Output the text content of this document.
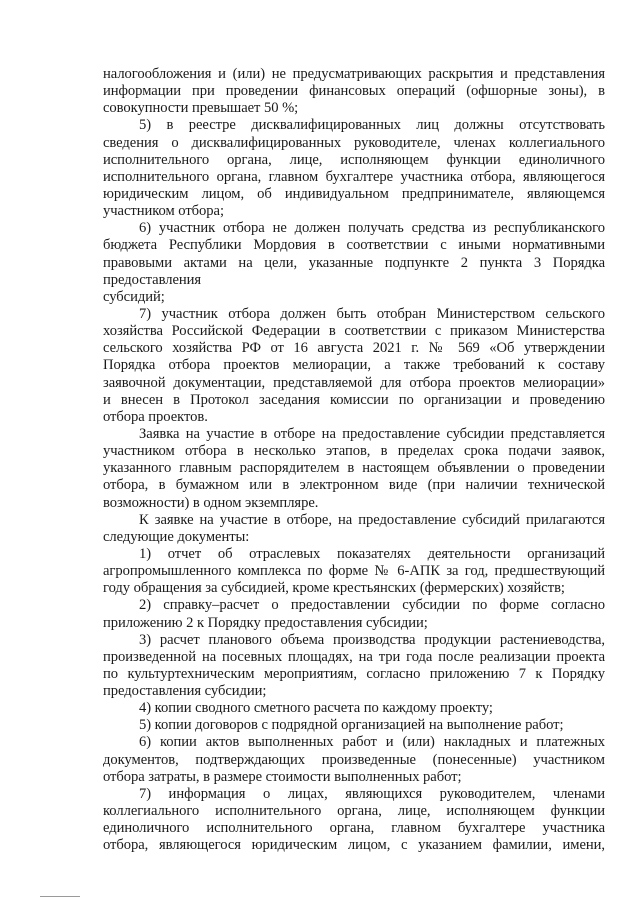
налогообложения и (или) не предусматривающих раскрытия и представления
информации при проведении финансовых операций (офшорные зоны), в
совокупности превышает 50 %;
5) в реестре дисквалифицированных лиц должны отсутствовать
сведения о дисквалифицированных руководителе, членах коллегиального
исполнительного органа, лице, исполняющем функции единоличного
исполнительного органа, главном бухгалтере участника отбора, являющегося
юридическим лицом, об индивидуальном предпринимателе, являющемся
участником отбора;
6) участник отбора не должен получать средства из республиканского
бюджета Республики Мордовия в соответствии с иными нормативными
правовыми актами на цели, указанные подпункте 2 пункта 3 Порядка
предоставления
субсидий;
7) участник отбора должен быть отобран Министерством сельского
хозяйства Российской Федерации в соответствии с приказом Министерства
сельского хозяйства РФ от 16 августа 2021 г. № 569 «Об утверждении
Порядка отбора проектов мелиорации, а также требований к составу
заявочной документации, представляемой для отбора проектов мелиорации»
и внесен в Протокол заседания комиссии по организации и проведению
отбора проектов.
Заявка на участие в отборе на предоставление субсидии представляется
участником отбора в несколько этапов, в пределах срока подачи заявок,
указанного главным распорядителем в настоящем объявлении о проведении
отбора, в бумажном или в электронном виде (при наличии технической
возможности) в одном экземпляре.
К заявке на участие в отборе, на предоставление субсидий прилагаются
следующие документы:
1) отчет об отраслевых показателях деятельности организаций
агропромышленного комплекса по форме № 6-АПК за год, предшествующий
году обращения за субсидией, кроме крестьянских (фермерских) хозяйств;
2) справку–расчет о предоставлении субсидии по форме согласно
приложению 2 к Порядку предоставления субсидии;
3) расчет планового объема производства продукции растениеводства,
произведенной на посевных площадях, на три года после реализации проекта
по культуртехническим мероприятиям, согласно приложению 7 к Порядку
предоставления субсидии;
4) копии сводного сметного расчета по каждому проекту;
5) копии договоров с подрядной организацией на выполнение работ;
6) копии актов выполненных работ и (или) накладных и платежных
документов, подтверждающих произведенные (понесенные) участником
отбора затраты, в размере стоимости выполненных работ;
7) информация о лицах, являющихся руководителем, членами
коллегиального исполнительного органа, лице, исполняющем функции
единоличного исполнительного органа, главном бухгалтере участника
отбора, являющегося юридическим лицом, с указанием фамилии, имени,
